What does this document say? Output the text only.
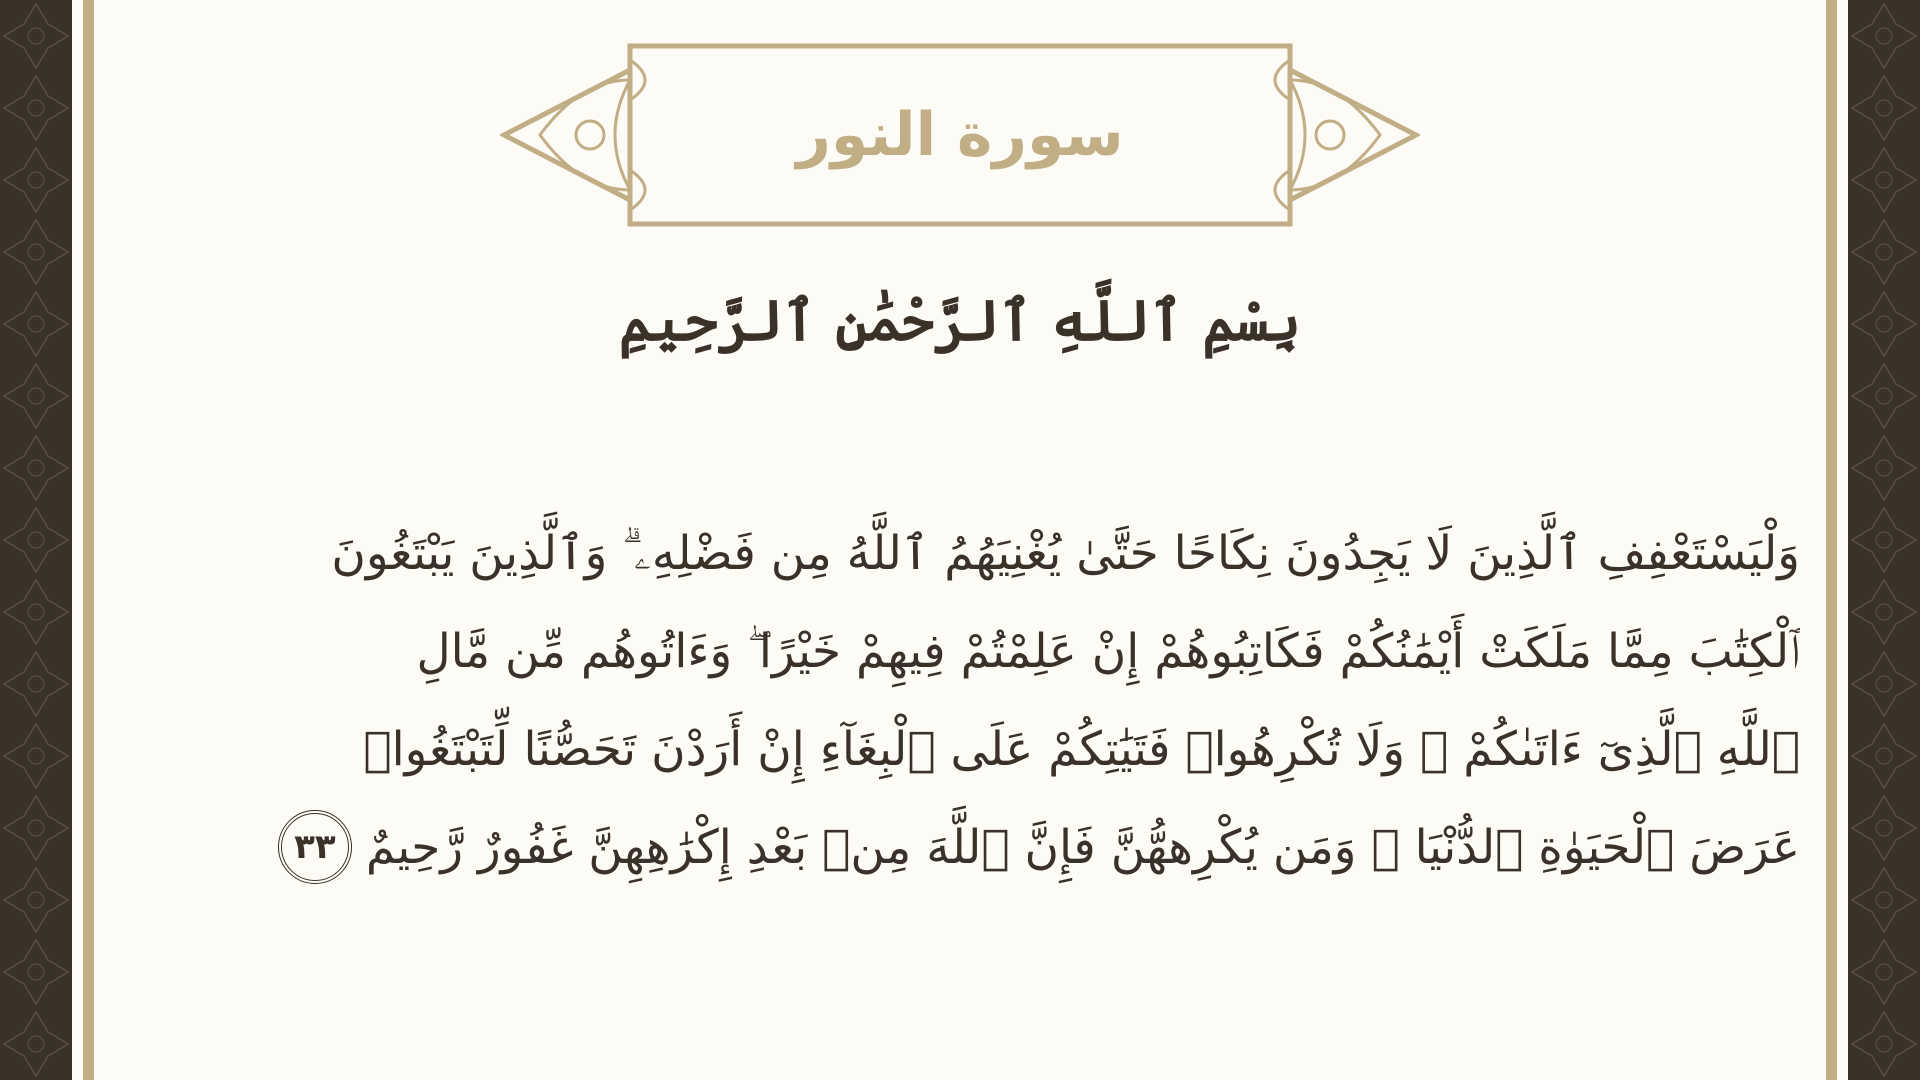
سورة النور
بِسْمِ ٱللَّهِ ٱلرَّحْمَٰنِ ٱلرَّحِيمِ
وَلْيَسْتَعْفِفِ ٱلَّذِينَ لَا يَجِدُونَ نِكَاحًا حَتَّىٰ يُغْنِيَهُمُ ٱللَّهُ مِن فَضْلِهِۦ ۗ وَٱلَّذِينَ يَبْتَغُونَ
ٱلْكِتَٰبَ مِمَّا مَلَكَتْ أَيْمَٰنُكُمْ فَكَاتِبُوهُمْ إِنْ عَلِمْتُمْ فِيهِمْ خَيْرًا ۖ وَءَاتُوهُم مِّن مَّالِ
ٱللَّهِ ٱلَّذِىٓ ءَاتَىٰكُمْ ۚ وَلَا تُكْرِهُوا۟ فَتَيَٰتِكُمْ عَلَى ٱلْبِغَآءِ إِنْ أَرَدْنَ تَحَصُّنًا لِّتَبْتَغُوا۟
عَرَضَ ٱلْحَيَوٰةِ ٱلدُّنْيَا ۚ وَمَن يُكْرِههُّنَّ فَإِنَّ ٱللَّهَ مِنۢ بَعْدِ إِكْرَٰهِهِنَّ غَفُورٌ رَّحِيمٌ٣٣
